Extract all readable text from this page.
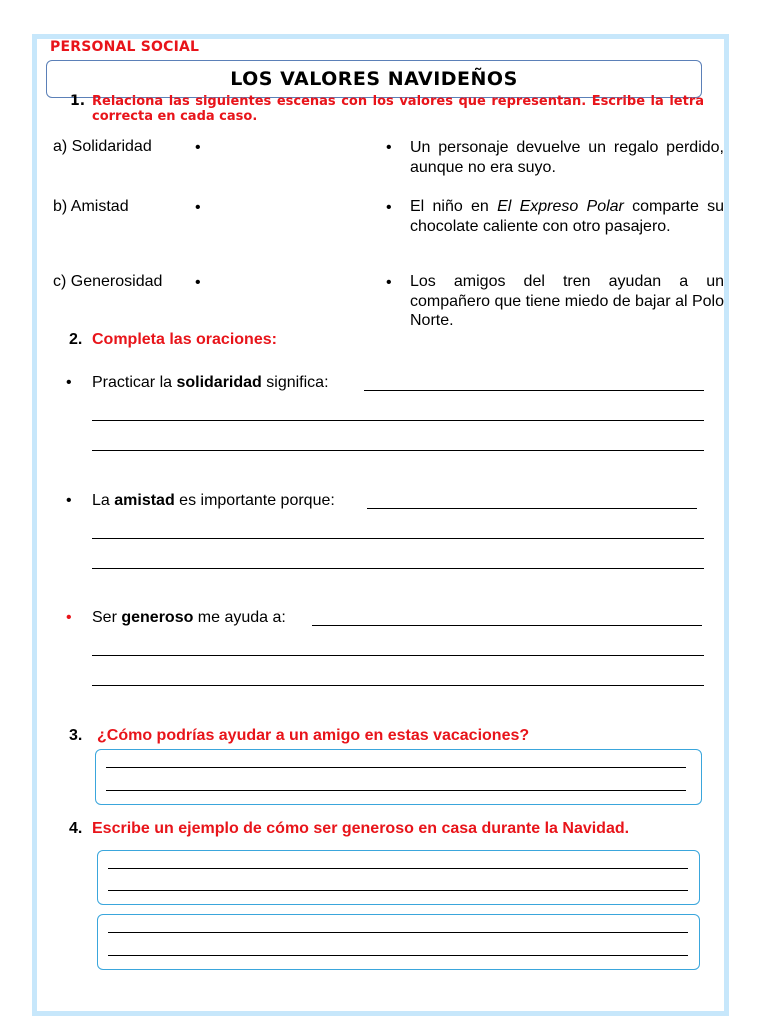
PERSONAL SOCIAL
LOS VALORES NAVIDEÑOS
1. Relaciona las siguientes escenas con los valores que representan. Escribe la letra correcta en cada caso.
a) Solidaridad
b) Amistad
c) Generosidad
•
•
•
•
•
•
Un personaje devuelve un regalo perdido, aunque no era suyo.
El niño en El Expreso Polar comparte su chocolate caliente con otro pasajero.
Los amigos del tren ayudan a un compañero que tiene miedo de bajar al Polo Norte.
2. Completa las oraciones:
• Practicar la solidaridad significa:
• La amistad es importante porque:
• Ser generoso me ayuda a:
3. ¿Cómo podrías ayudar a un amigo en estas vacaciones?
4. Escribe un ejemplo de cómo ser generoso en casa durante la Navidad.
